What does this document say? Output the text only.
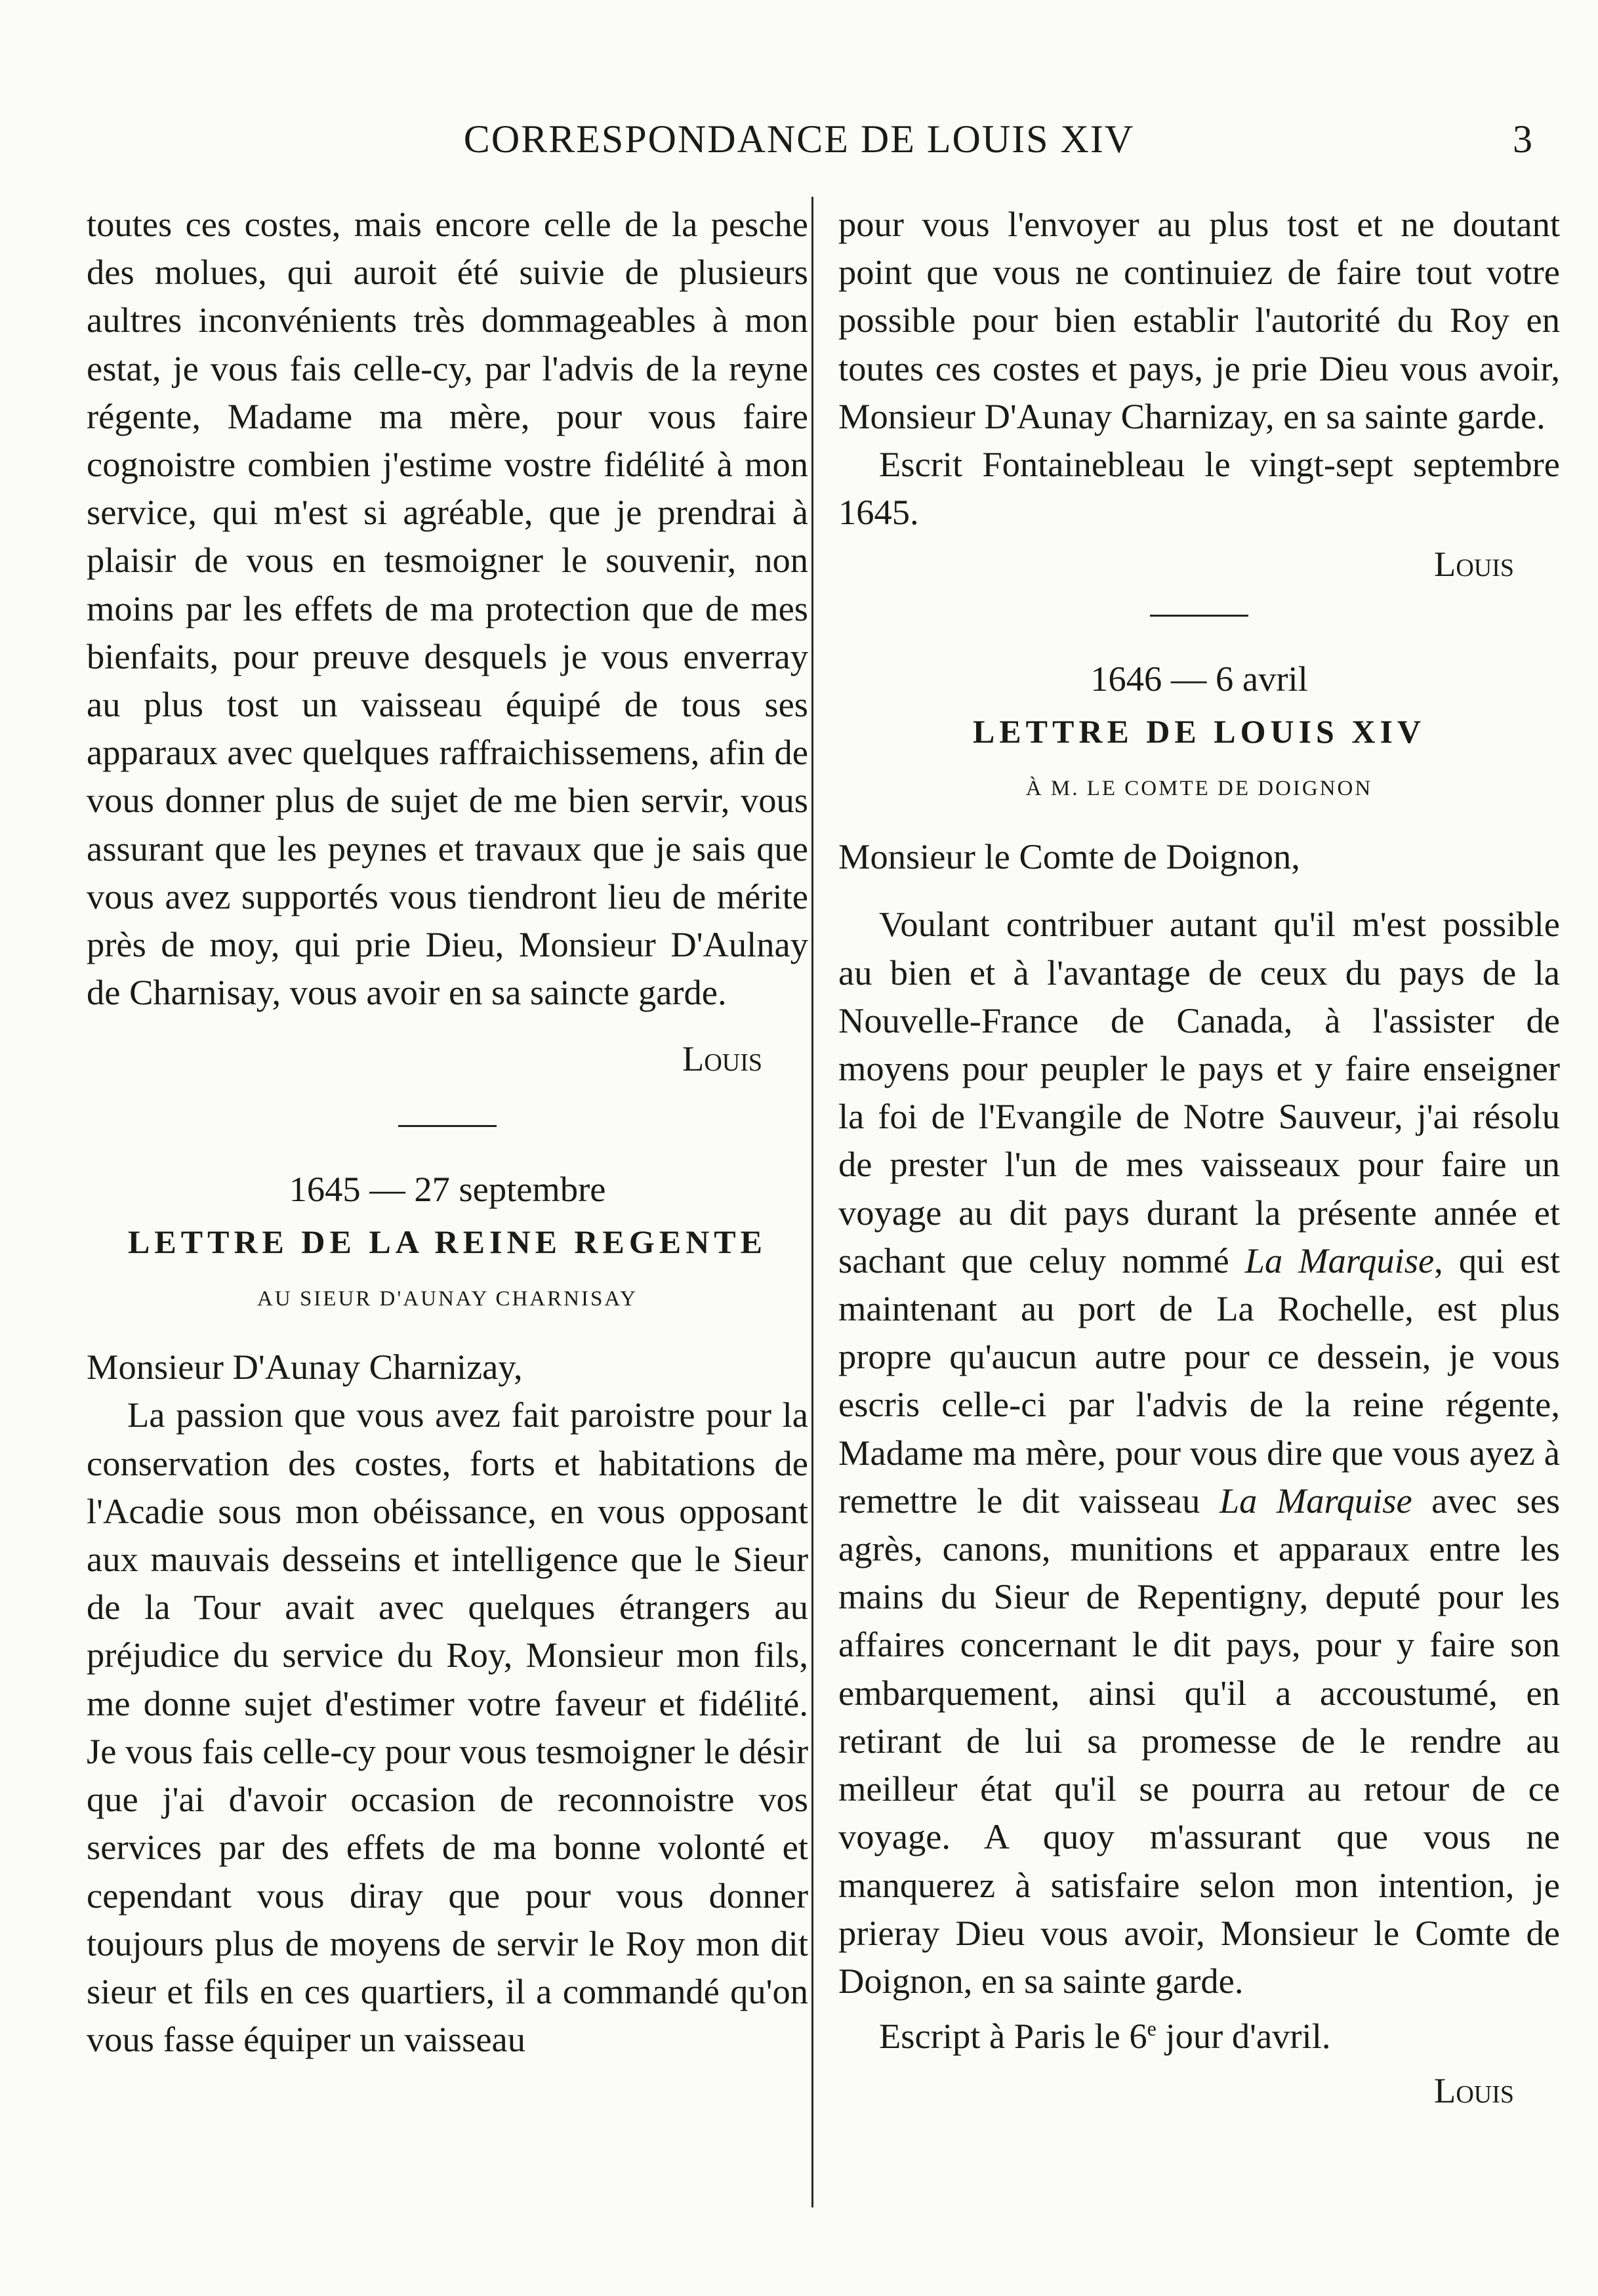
CORRESPONDANCE DE LOUIS XIV	3

toutes ces costes, mais encore celle de la pesche des molues, qui auroit été suivie de plusieurs aultres inconvénients très dommageables à mon estat, je vous fais celle-cy, par l'advis de la reyne régente, Madame ma mère, pour vous faire cognoistre combien j'estime vostre fidélité à mon service, qui m'est si agréable, que je prendrai à plaisir de vous en tesmoigner le souvenir, non moins par les effets de ma protection que de mes bienfaits, pour preuve desquels je vous enverray au plus tost un vaisseau équipé de tous ses apparaux avec quelques raffraichissemens, afin de vous donner plus de sujet de me bien servir, vous assurant que les peynes et travaux que je sais que vous avez supportés vous tiendront lieu de mérite près de moy, qui prie Dieu, Monsieur D'Aulnay de Charnisay, vous avoir en sa saincte garde.

Louis

1645 — 27 septembre

LETTRE DE LA REINE REGENTE

AU SIEUR D'AUNAY CHARNISAY

Monsieur D'Aunay Charnizay,

La passion que vous avez fait paroistre pour la conservation des costes, forts et habitations de l'Acadie sous mon obéissance, en vous opposant aux mauvais desseins et intelligence que le Sieur de la Tour avait avec quelques étrangers au préjudice du service du Roy, Monsieur mon fils, me donne sujet d'estimer votre faveur et fidélité. Je vous fais celle-cy pour vous tesmoigner le désir que j'ai d'avoir occasion de reconnoistre vos services par des effets de ma bonne volonté et cependant vous diray que pour vous donner toujours plus de moyens de servir le Roy mon dit sieur et fils en ces quartiers, il a commandé qu'on vous fasse équiper un vaisseau

pour vous l'envoyer au plus tost et ne doutant point que vous ne continuiez de faire tout votre possible pour bien establir l'autorité du Roy en toutes ces costes et pays, je prie Dieu vous avoir, Monsieur D'Aunay Charnizay, en sa sainte garde.

Escrit Fontainebleau le vingt-sept septembre 1645.

Louis

1646 — 6 avril

LETTRE DE LOUIS XIV

À M. LE COMTE DE DOIGNON

Monsieur le Comte de Doignon,

Voulant contribuer autant qu'il m'est possible au bien et à l'avantage de ceux du pays de la Nouvelle-France de Canada, à l'assister de moyens pour peupler le pays et y faire enseigner la foi de l'Evangile de Notre Sauveur, j'ai résolu de prester l'un de mes vaisseaux pour faire un voyage au dit pays durant la présente année et sachant que celuy nommé La Marquise, qui est maintenant au port de La Rochelle, est plus propre qu'aucun autre pour ce dessein, je vous escris celle-ci par l'advis de la reine régente, Madame ma mère, pour vous dire que vous ayez à remettre le dit vaisseau La Marquise avec ses agrès, canons, munitions et apparaux entre les mains du Sieur de Repentigny, deputé pour les affaires concernant le dit pays, pour y faire son embarquement, ainsi qu'il a accoustumé, en retirant de lui sa promesse de le rendre au meilleur état qu'il se pourra au retour de ce voyage. A quoy m'assurant que vous ne manquerez à satisfaire selon mon intention, je prieray Dieu vous avoir, Monsieur le Comte de Doignon, en sa sainte garde.

Escript à Paris le 6e jour d'avril.

Louis
